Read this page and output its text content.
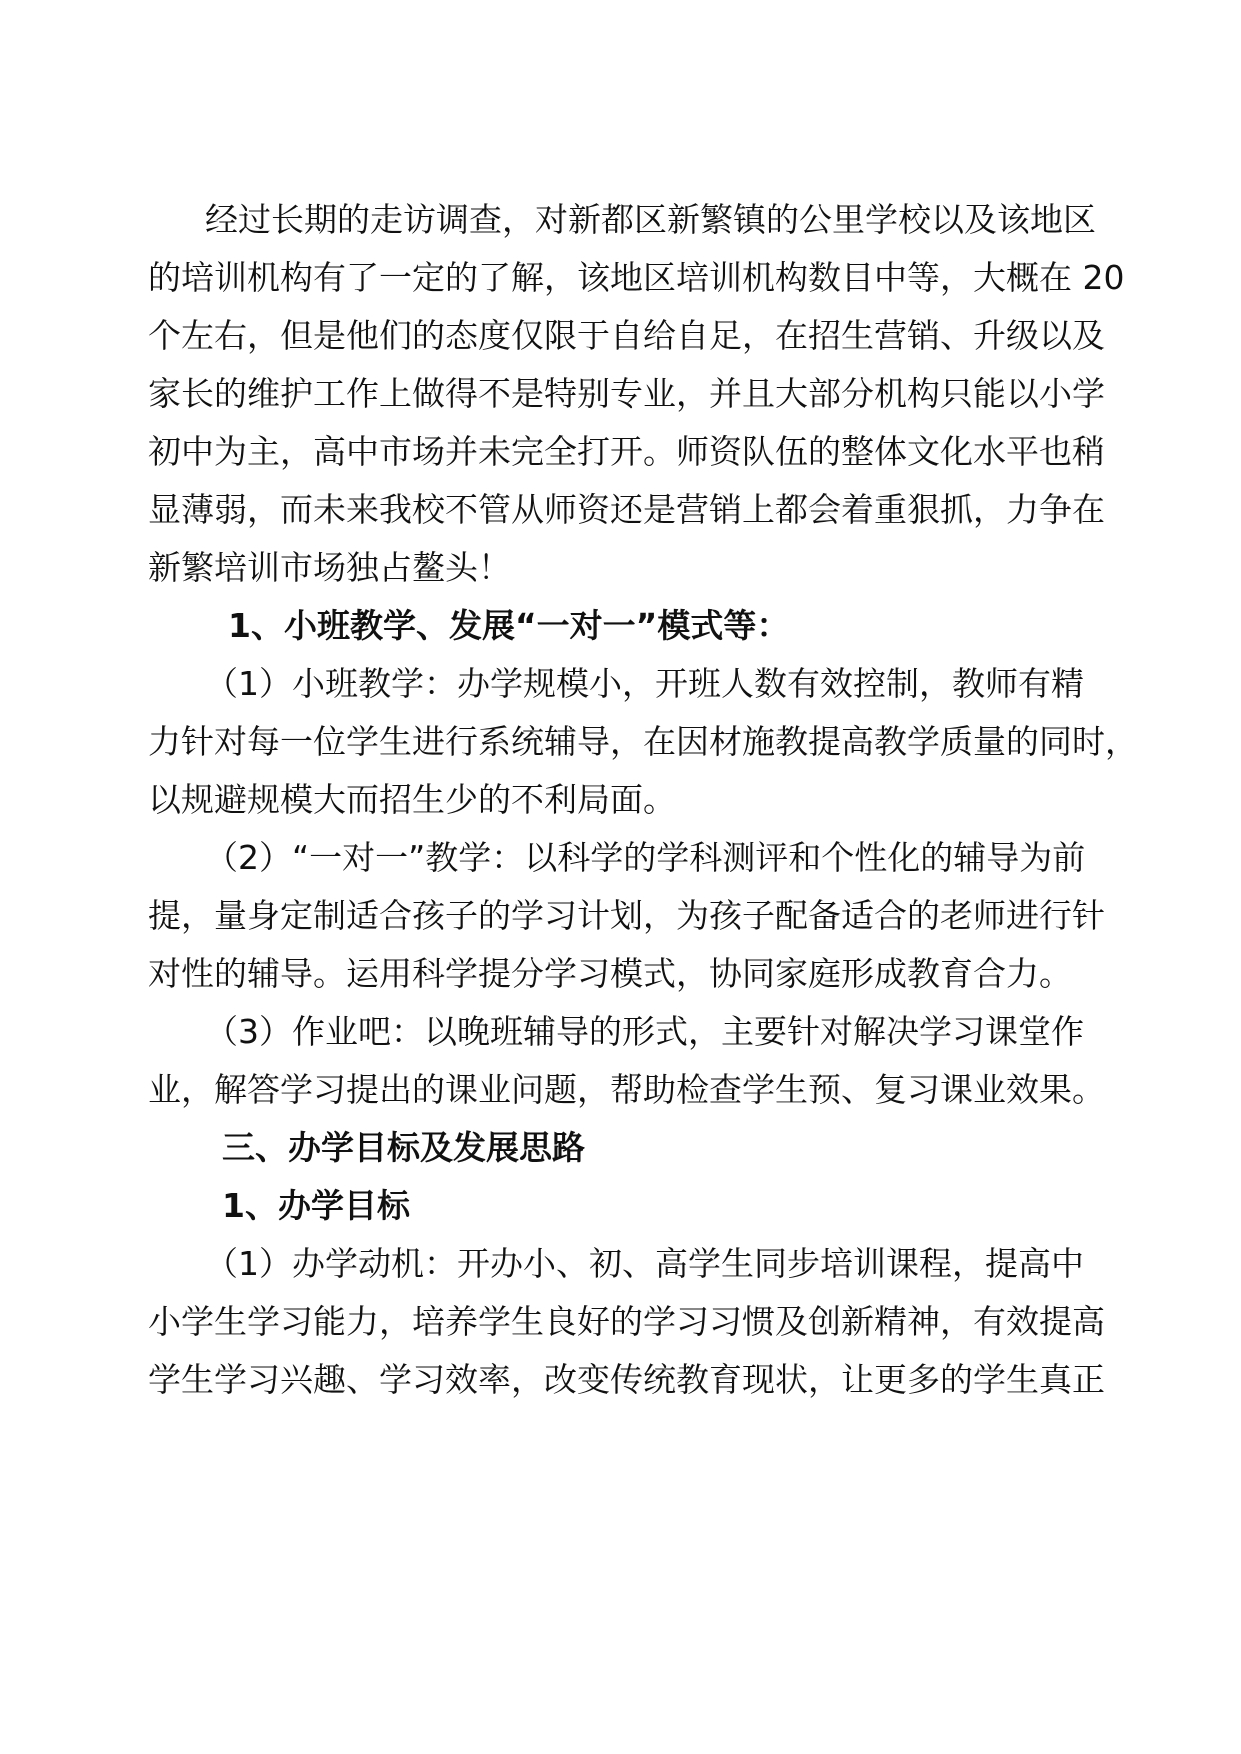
经过长期的走访调查，对新都区新繁镇的公里学校以及该地区
的培训机构有了一定的了解，该地区培训机构数目中等，大概在 20
个左右，但是他们的态度仅限于自给自足，在招生营销、升级以及
家长的维护工作上做得不是特别专业，并且大部分机构只能以小学
初中为主，高中市场并未完全打开。师资队伍的整体文化水平也稍
显薄弱，而未来我校不管从师资还是营销上都会着重狠抓，力争在
新繁培训市场独占鳌头！
1、小班教学、发展“一对一”模式等：
（1）小班教学：办学规模小，开班人数有效控制，教师有精
力针对每一位学生进行系统辅导，在因材施教提高教学质量的同时，
以规避规模大而招生少的不利局面。
（2）“一对一”教学：以科学的学科测评和个性化的辅导为前
提，量身定制适合孩子的学习计划，为孩子配备适合的老师进行针
对性的辅导。运用科学提分学习模式，协同家庭形成教育合力。
（3）作业吧：以晚班辅导的形式，主要针对解决学习课堂作
业，解答学习提出的课业问题，帮助检查学生预、复习课业效果。
三、办学目标及发展思路
1、办学目标
（1）办学动机：开办小、初、高学生同步培训课程，提高中
小学生学习能力，培养学生良好的学习习惯及创新精神，有效提高
学生学习兴趣、学习效率，改变传统教育现状，让更多的学生真正
